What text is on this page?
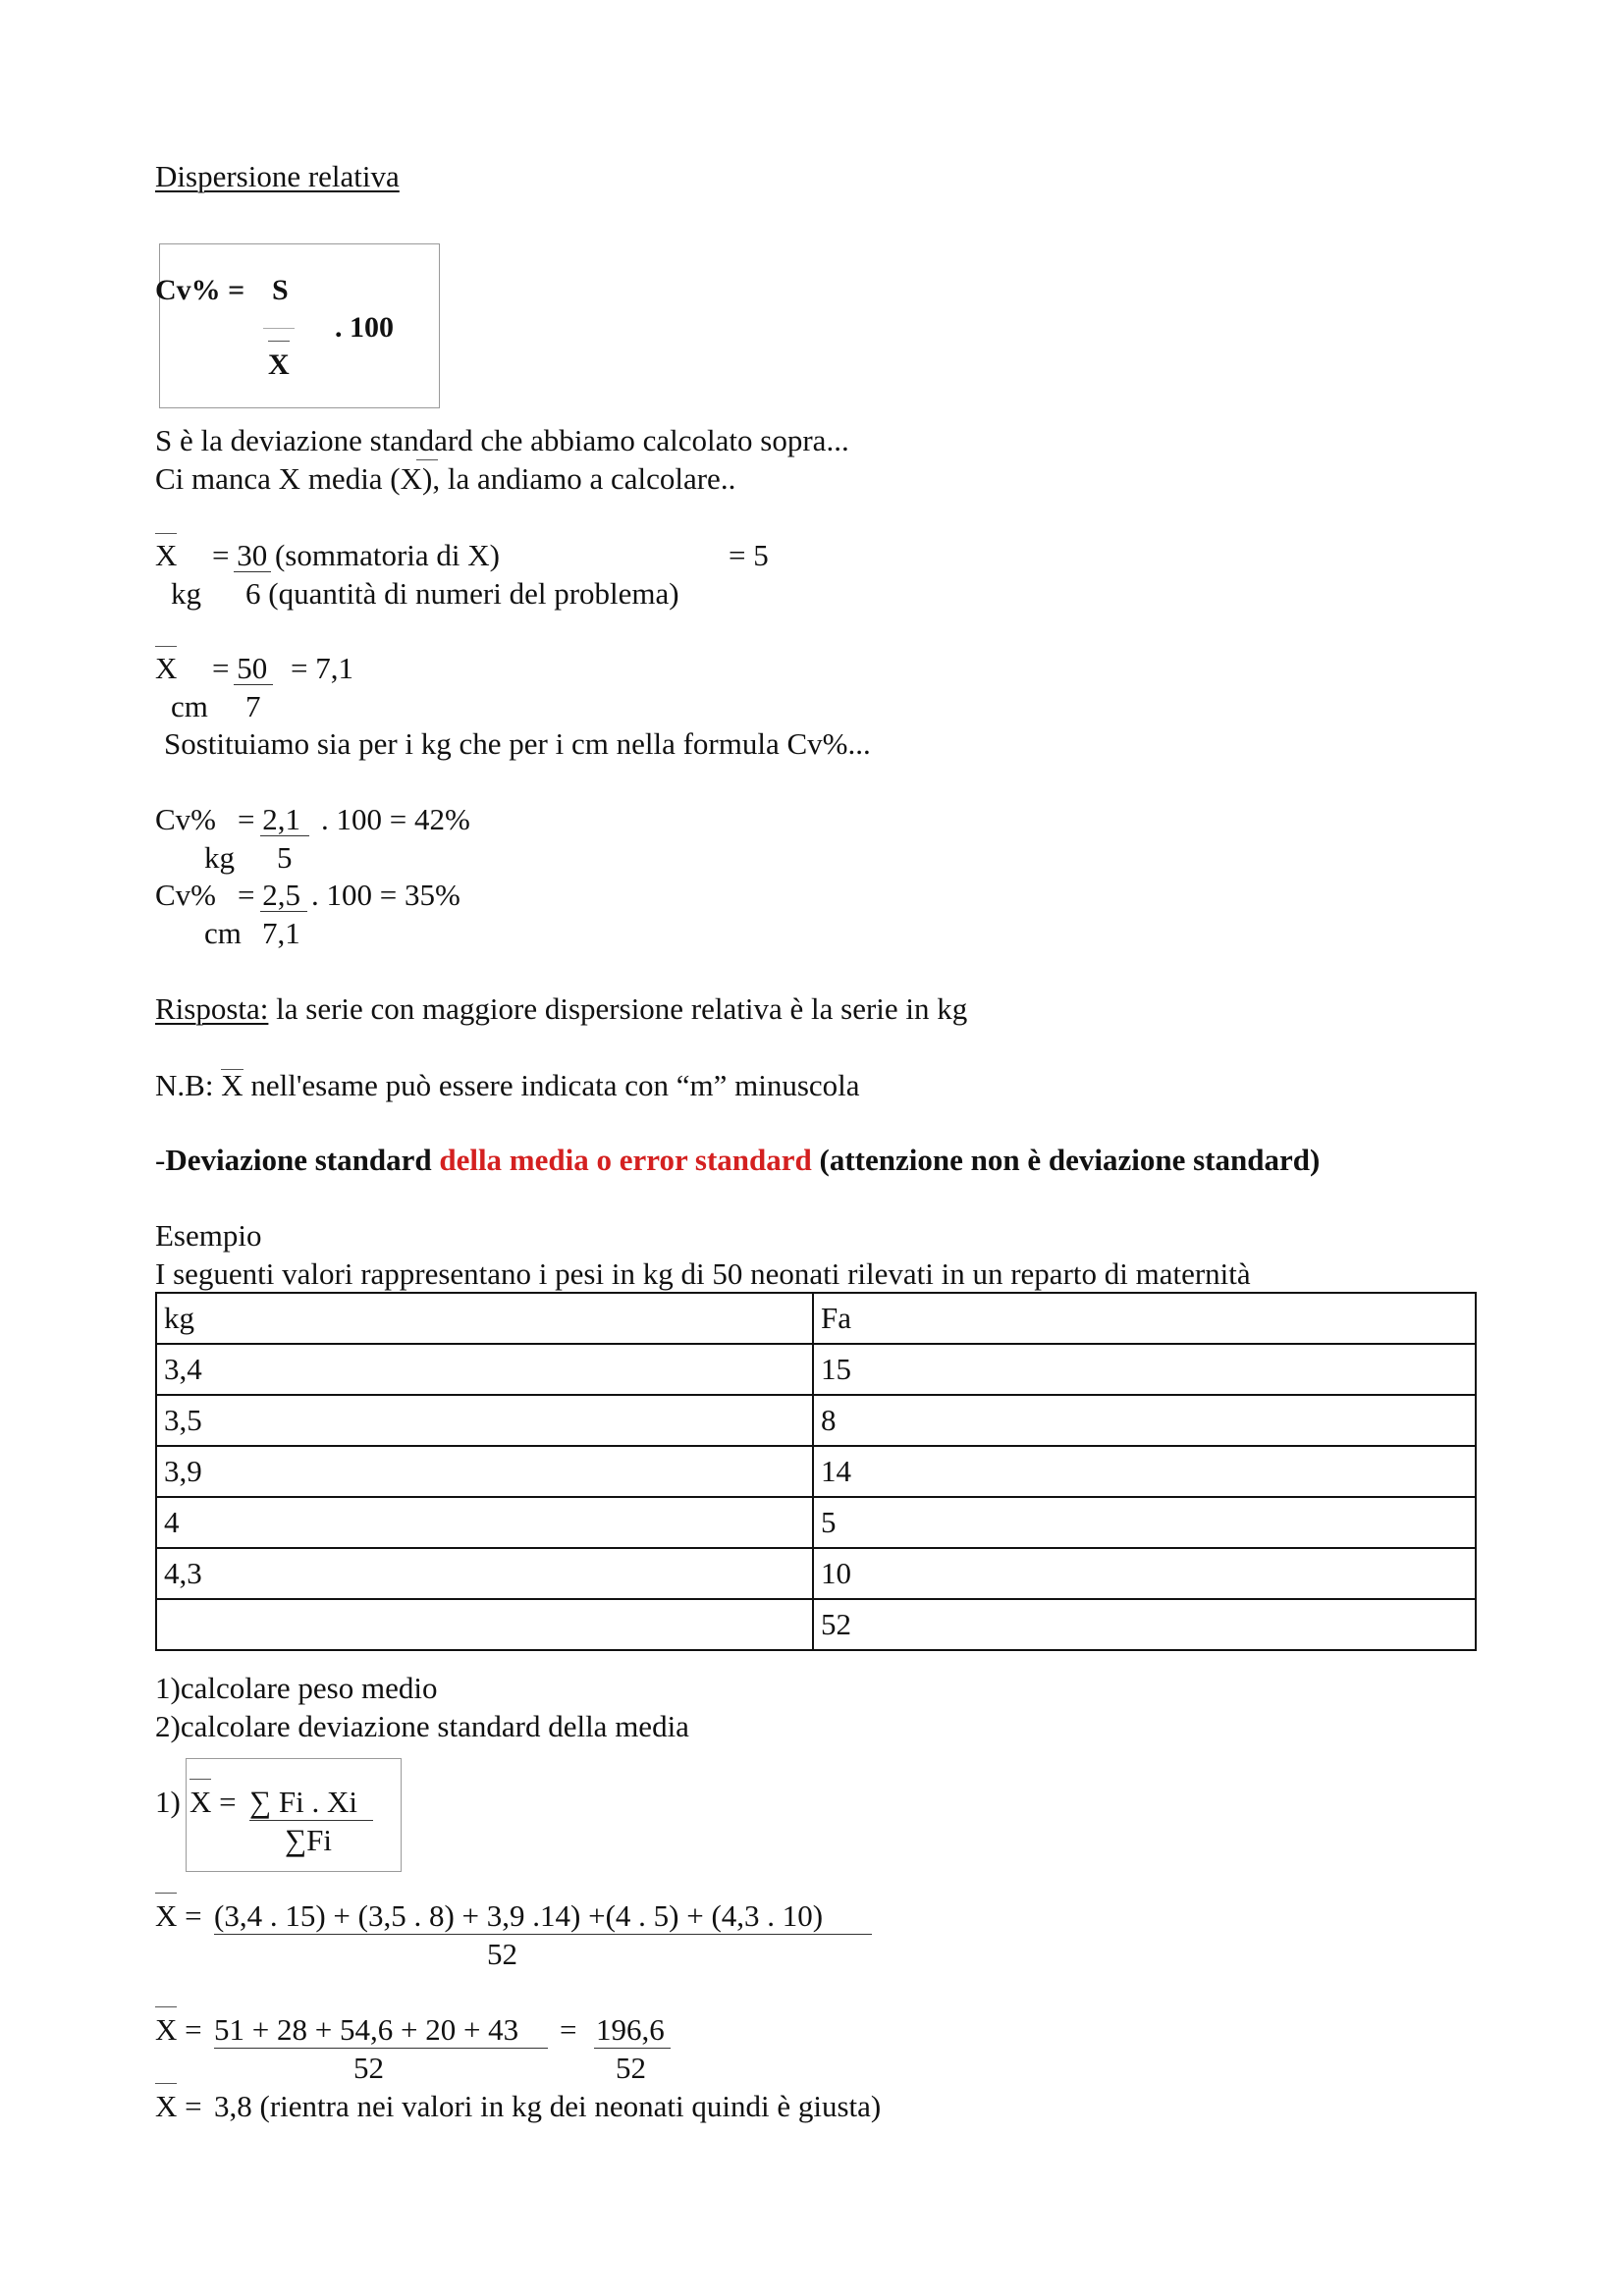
Dispersione relativa
Cv% = S
. 100
X
S è la deviazione standard che abbiamo calcolato sopra...
Ci manca X media (X), la andiamo a calcolare..
X = 30 (sommatoria di X)	= 5
kg 6 (quantità di numeri del problema)
X = 50 = 7,1
cm 7
Sostituiamo sia per i kg che per i cm nella formula Cv%...
Cv% = 2,1 . 100 = 42%
kg 5
Cv% = 2,5 . 100 = 35%
cm 7,1
Risposta: la serie con maggiore dispersione relativa è la serie in kg
N.B: X nell'esame può essere indicata con “m” minuscola
-Deviazione standard della media o error standard (attenzione non è deviazione standard)
Esempio
I seguenti valori rappresentano i pesi in kg di 50 neonati rilevati in un reparto di maternità
kg	Fa
3,4	15
3,5	8
3,9	14
4	5
4,3	10
	52
1)calcolare peso medio
2)calcolare deviazione standard della media
1) X = ∑ Fi . Xi
∑Fi
X = (3,4 . 15) + (3,5 . 8) + 3,9 .14) +(4 . 5) + (4,3 . 10)
52
X = 51 + 28 + 54,6 + 20 + 43
52
= 196,6
52
X = 3,8 (rientra nei valori in kg dei neonati quindi è giusta)
